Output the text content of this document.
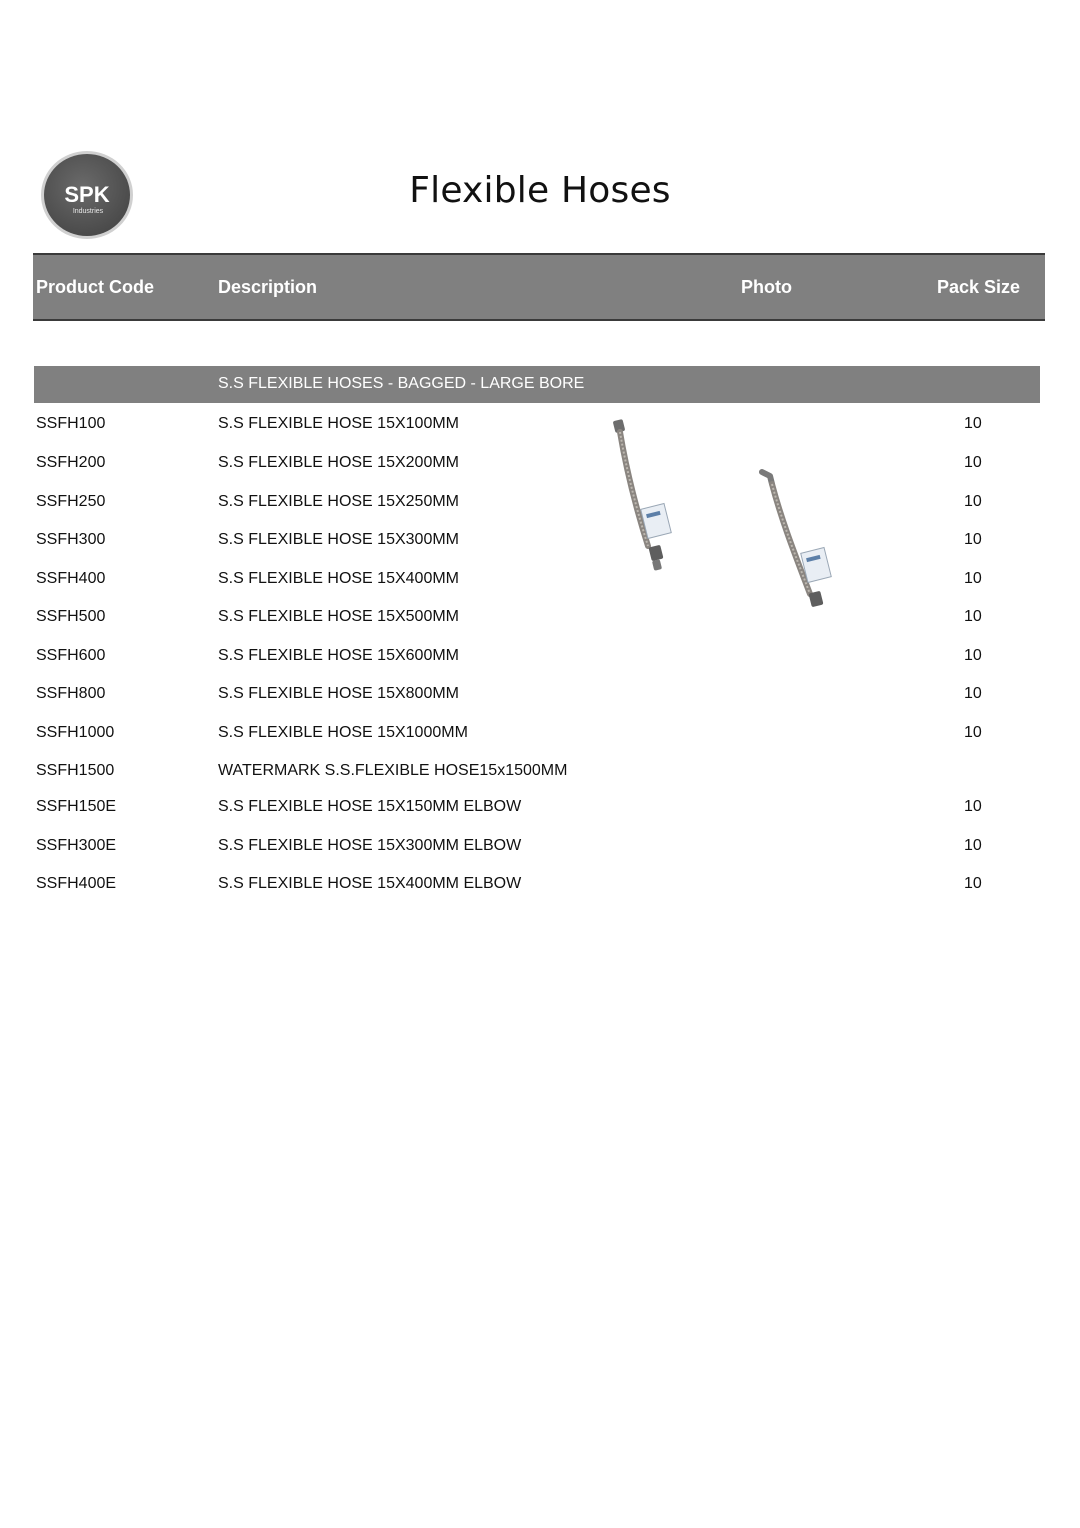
SPK
Industries
Flexible Hoses
Product Code	Description	Photo	Pack Size
S.S FLEXIBLE HOSES - BAGGED - LARGE BORE
SSFH100	S.S FLEXIBLE HOSE 15X100MM	10
SSFH200	S.S FLEXIBLE HOSE 15X200MM	10
SSFH250	S.S FLEXIBLE HOSE 15X250MM	10
SSFH300	S.S FLEXIBLE HOSE 15X300MM	10
SSFH400	S.S FLEXIBLE HOSE 15X400MM	10
SSFH500	S.S FLEXIBLE HOSE 15X500MM	10
SSFH600	S.S FLEXIBLE HOSE 15X600MM	10
SSFH800	S.S FLEXIBLE HOSE 15X800MM	10
SSFH1000	S.S FLEXIBLE HOSE 15X1000MM	10
SSFH1500	WATERMARK S.S.FLEXIBLE HOSE15x1500MM
SSFH150E	S.S FLEXIBLE HOSE 15X150MM ELBOW	10
SSFH300E	S.S FLEXIBLE HOSE 15X300MM ELBOW	10
SSFH400E	S.S FLEXIBLE HOSE 15X400MM ELBOW	10
